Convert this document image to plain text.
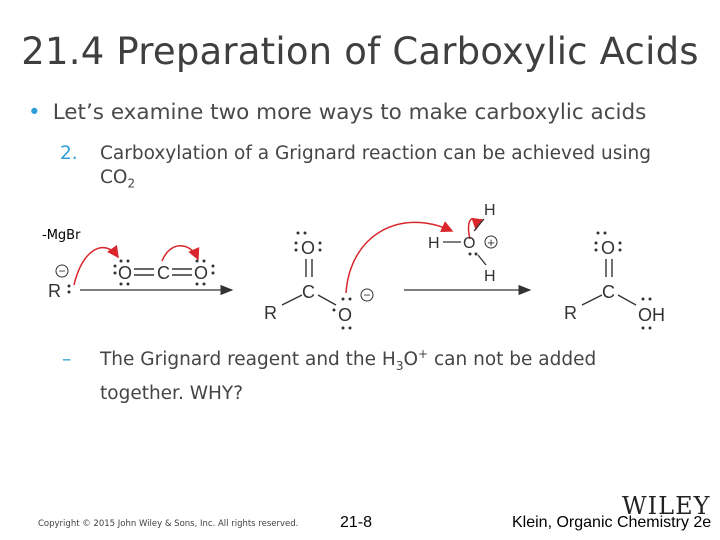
21.4 Preparation of Carboxylic Acids
• Let’s examine two more ways to make carboxylic acids
2. Carboxylation of a Grignard reaction can be achieved using
$CO_2$
-MgBr
−
R
O C O
O
C
R	O
−
H
H O +
H
O
C
R	OH
– The Grignard reagent and the $H_3O^+$ can not be added
together. WHY?
Copyright © 2015 John Wiley & Sons, Inc. All rights reserved.	21-8
WILEY
Klein, Organic Chemistry 2e
